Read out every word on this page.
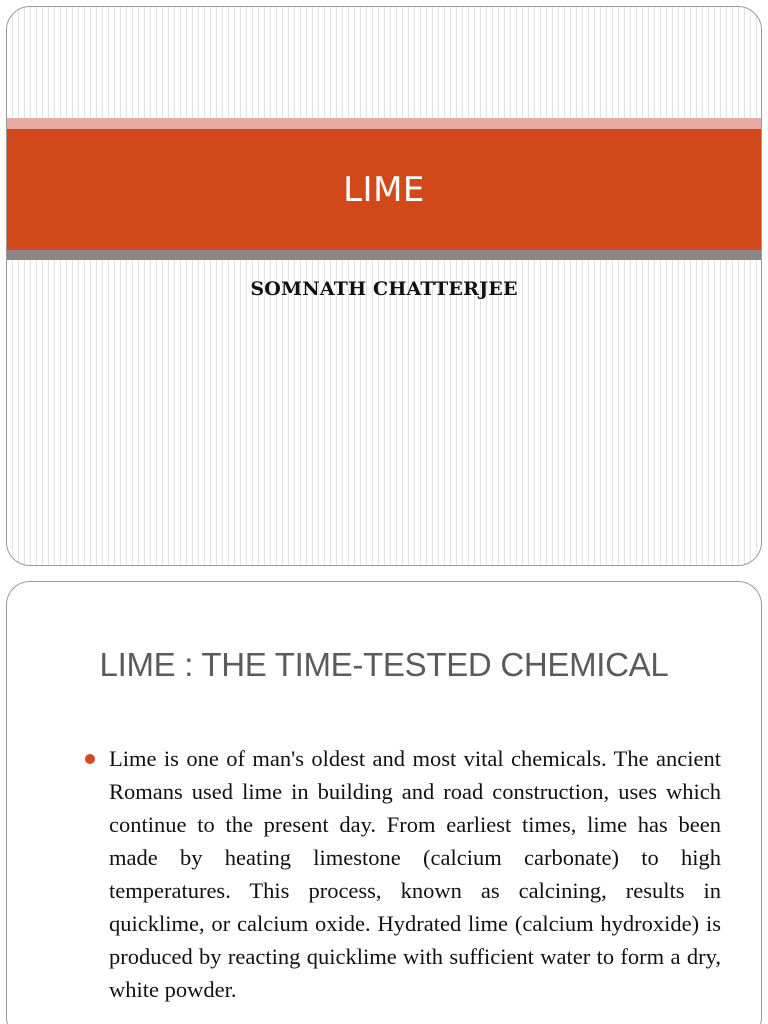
LIME
SOMNATH CHATTERJEE
LIME : THE TIME-TESTED CHEMICAL

Lime is one of man's oldest and most vital chemicals. The ancient Romans used lime in building and road construction, uses which continue to the present day. From earliest times, lime has been made by heating limestone (calcium carbonate) to high temperatures. This process, known as calcining, results in quicklime, or calcium oxide. Hydrated lime (calcium hydroxide) is produced by reacting quicklime with sufficient water to form a dry, white powder.
